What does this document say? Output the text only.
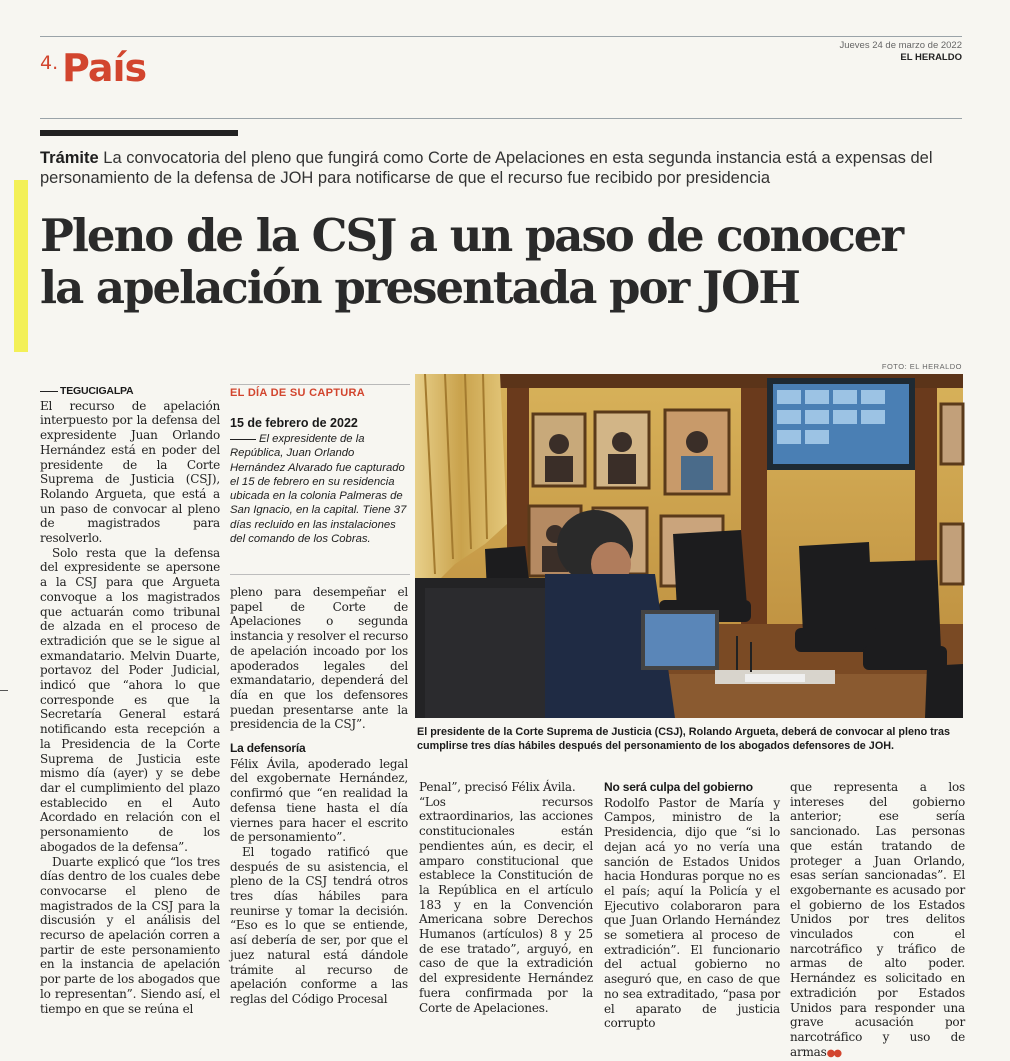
4. País
Jueves 24 de marzo de 2022
EL HERALDO
Trámite La convocatoria del pleno que fungirá como Corte de Apelaciones en esta segunda instancia está a expensas del personamiento de la defensa de JOH para notificarse de que el recurso fue recibido por presidencia
Pleno de la CSJ a un paso de conocer
la apelación presentada por JOH
TEGUCIGALPA

El recurso de apelación interpuesto por la defensa del expresidente Juan Orlando Hernández está en poder del presidente de la Corte Suprema de Justicia (CSJ), Rolando Argueta, que está a un paso de convocar al pleno de magistrados para resolverlo.

Solo resta que la defensa del expresidente se apersone a la CSJ para que Argueta convoque a los magistrados que actuarán como tribunal de alzada en el proceso de extradición que se le sigue al exmandatario. Melvin Duarte, portavoz del Poder Judicial, indicó que “ahora lo que corresponde es que la Secretaría General estará notificando esta recepción a la Presidencia de la Corte Suprema de Justicia este mismo día (ayer) y se debe dar el cumplimiento del plazo establecido en el Auto Acordado en relación con el personamiento de los abogados de la defensa”.

Duarte explicó que “los tres días dentro de los cuales debe convocarse el pleno de magistrados de la CSJ para la discusión y el análisis del recurso de apelación corren a partir de este personamiento en la instancia de apelación por parte de los abogados que lo representan”. Siendo así, el tiempo en que se reúna el

EL DÍA DE SU CAPTURA
15 de febrero de 2022
El expresidente de la República, Juan Orlando Hernández Alvarado fue capturado el 15 de febrero en su residencia ubicada en la colonia Palmeras de San Ignacio, en la capital. Tiene 37 días recluido en las instalaciones del comando de los Cobras.

pleno para desempeñar el papel de Corte de Apelaciones o segunda instancia y resolver el recurso de apelación incoado por los apoderados legales del exmandatario, dependerá del día en que los defensores puedan presentarse ante la presidencia de la CSJ”.

La defensoría

Félix Ávila, apoderado legal del exgobernate Hernández, confirmó que “en realidad la defensa tiene hasta el día viernes para hacer el escrito de personamiento”.

El togado ratificó que después de su asistencia, el pleno de la CSJ tendrá otros tres días hábiles para reunirse y tomar la decisión. “Eso es lo que se entiende, así debería de ser, por que el juez natural está dándole trámite al recurso de apelación conforme a las reglas del Código Procesal

FOTO: EL HERALDO
El presidente de la Corte Suprema de Justicia (CSJ), Rolando Argueta, deberá de convocar al pleno tras cumplirse tres días hábiles después del personamiento de los abogados defensores de JOH.

Penal”, precisó Félix Ávila.

“Los recursos extraordinarios, las acciones constitucionales están pendientes aún, es decir, el amparo constitucional que establece la Constitución de la República en el artículo 183 y en la Convención Americana sobre Derechos Humanos (artículos) 8 y 25 de ese tratado”, arguyó, en caso de que la extradición del expresidente Hernández fuera confirmada por la Corte de Apelaciones.

No será culpa del gobierno

Rodolfo Pastor de María y Campos, ministro de la Presidencia, dijo que “si lo dejan acá yo no vería una sanción de Estados Unidos hacia Honduras porque no es el país; aquí la Policía y el Ejecutivo colaboraron para que Juan Orlando Hernández se sometiera al proceso de extradición”. El funcionario del actual gobierno no aseguró que, en caso de que no sea extraditado, “pasa por el aparato de justicia corrupto

que representa a los intereses del gobierno anterior; ese sería sancionado. Las personas que están tratando de proteger a Juan Orlando, esas serían sancionadas”. El exgobernante es acusado por el gobierno de los Estados Unidos por tres delitos vinculados con el narcotráfico y tráfico de armas de alto poder. Hernández es solicitado en extradición por Estados Unidos para responder una grave acusación por narcotráfico y uso de armas●●
